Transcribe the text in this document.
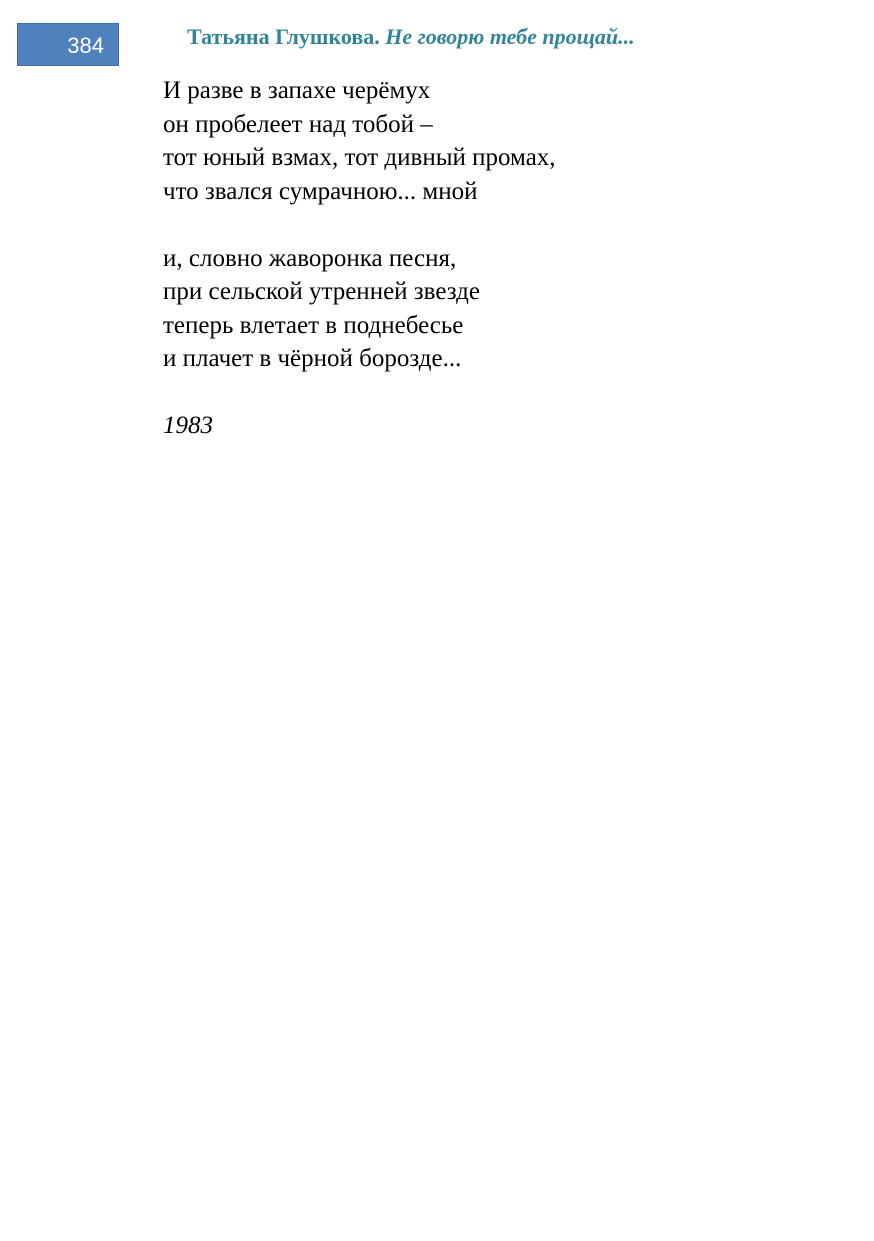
384	Татьяна Глушкова. Не говорю тебе прощай...
И разве в запахе черёмух
он пробелеет над тобой –
тот юный взмах, тот дивный промах,
что звался сумрачною... мной
и, словно жаворонка песня,
при сельской утренней звезде
теперь влетает в поднебесье
и плачет в чёрной борозде...
1983
